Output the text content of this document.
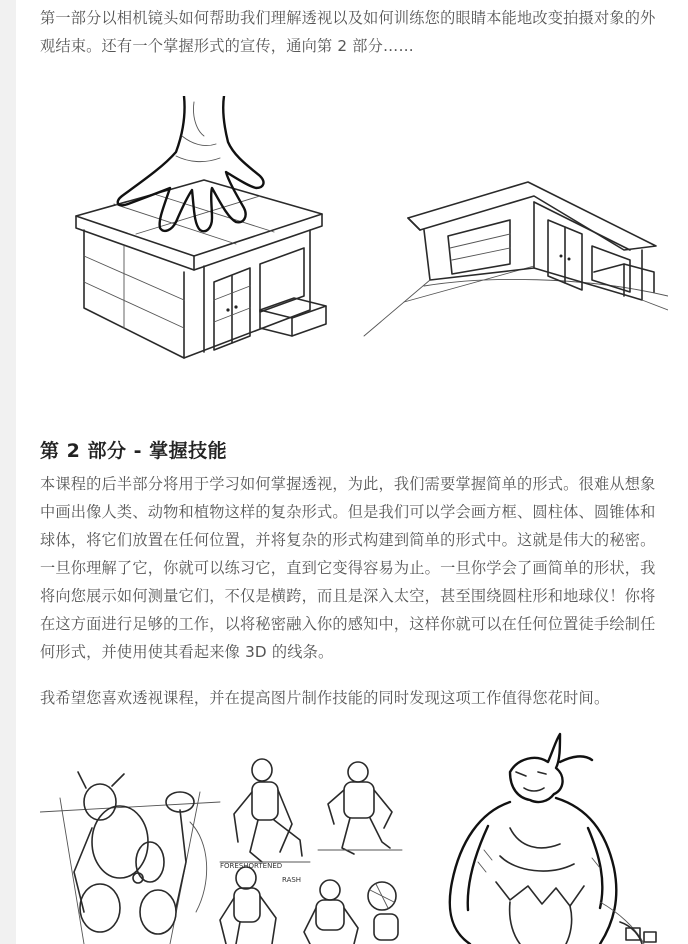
第一部分以相机镜头如何帮助我们理解透视以及如何训练您的眼睛本能地改变拍摄对象的外观结束。还有一个掌握形式的宣传，通向第 2 部分……

第 2 部分 - 掌握技能

本课程的后半部分将用于学习如何掌握透视，为此，我们需要掌握简单的形式。很难从想象中画出像人类、动物和植物这样的复杂形式。但是我们可以学会画方框、圆柱体、圆锥体和球体，将它们放置在任何位置，并将复杂的形式构建到简单的形式中。这就是伟大的秘密。一旦你理解了它，你就可以练习它，直到它变得容易为止。一旦你学会了画简单的形状，我将向您展示如何测量它们，不仅是横跨，而且是深入太空，甚至围绕圆柱形和地球仪！你将在这方面进行足够的工作，以将秘密融入你的感知中，这样你就可以在任何位置徒手绘制任何形式，并使用使其看起来像 3D 的线条。

我希望您喜欢透视课程，并在提高图片制作技能的同时发现这项工作值得您花时间。

FORESHORTENED
RASH
